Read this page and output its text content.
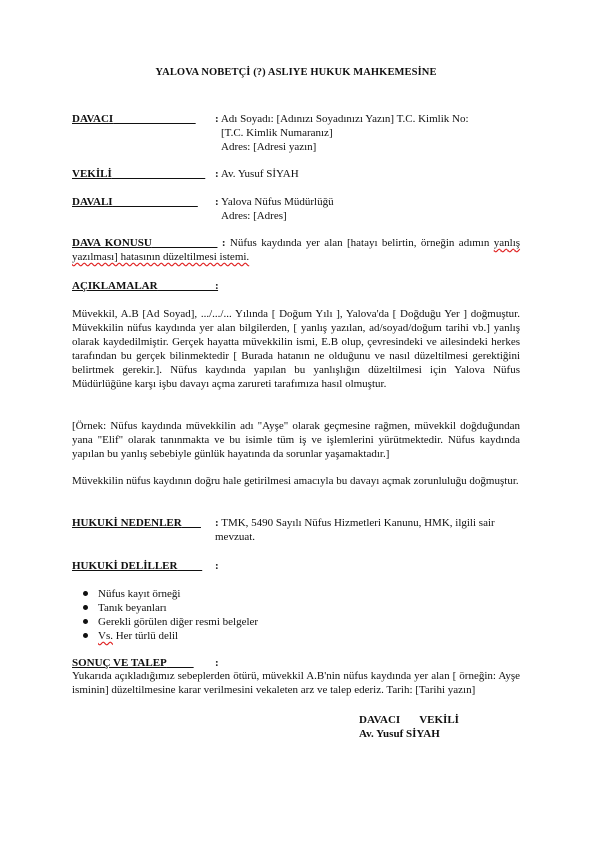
YALOVA NOBETÇİ (?) ASLIYE HUKUK MAHKEMESİNE
DAVACI	: Adı Soyadı: [Adınızı Soyadınızı Yazın] T.C. Kimlik No:
[T.C. Kimlik Numaranız]
Adres: [Adresi yazın]
VEKİLİ	: Av. Yusuf SİYAH
DAVALI	: Yalova Nüfus Müdürlüğü
Adres: [Adres]
DAVA KONUSU	: Nüfus kaydında yer alan [hatayı belirtin, örneğin adımın yanlış yazılması] hatasının düzeltilmesi istemi.
AÇIKLAMALAR	:
Müvekkil, A.B [Ad Soyad], .../.../... Yılında [ Doğum Yılı ], Yalova'da [ Doğduğu Yer ] doğmuştur. Müvekkilin nüfus kaydında yer alan bilgilerden, [ yanlış yazılan, ad/soyad/doğum tarihi vb.] yanlış olarak kaydedilmiştir. Gerçek hayatta müvekkilin ismi, E.B olup, çevresindeki ve ailesindeki herkes tarafından bu gerçek bilinmektedir [ Burada hatanın ne olduğunu ve nasıl düzeltilmesi gerektiğini belirtmek gerekir.]. Nüfus kaydında yapılan bu yanlışlığın düzeltilmesi için Yalova Nüfus Müdürlüğüne karşı işbu davayı açma zarureti tarafımıza hasıl olmuştur.
[Örnek: Nüfus kaydında müvekkilin adı "Ayşe" olarak geçmesine rağmen, müvekkil doğduğundan yana "Elif" olarak tanınmakta ve bu isimle tüm iş ve işlemlerini yürütmektedir. Nüfus kaydında yapılan bu yanlış sebebiyle günlük hayatında da sorunlar yaşamaktadır.]
Müvekkilin nüfus kaydının doğru hale getirilmesi amacıyla bu davayı açmak zorunluluğu doğmuştur.
HUKUKİ NEDENLER	: TMK, 5490 Sayılı Nüfus Hizmetleri Kanunu, HMK, ilgili sair
mevzuat.
HUKUKİ DELİLLER	:
Nüfus kayıt örneği
Tanık beyanları
Gerekli görülen diğer resmi belgeler
Vs. Her türlü delil
SONUÇ VE TALEP	:
Yukarıda açıkladığımız sebeplerden ötürü, müvekkil A.B'nin nüfus kaydında yer alan [ örneğin: Ayşe isminin] düzeltilmesine karar verilmesini vekaleten arz ve talep ederiz. Tarih: [Tarihi yazın]
DAVACI       VEKİLİ
Av. Yusuf SİYAH
